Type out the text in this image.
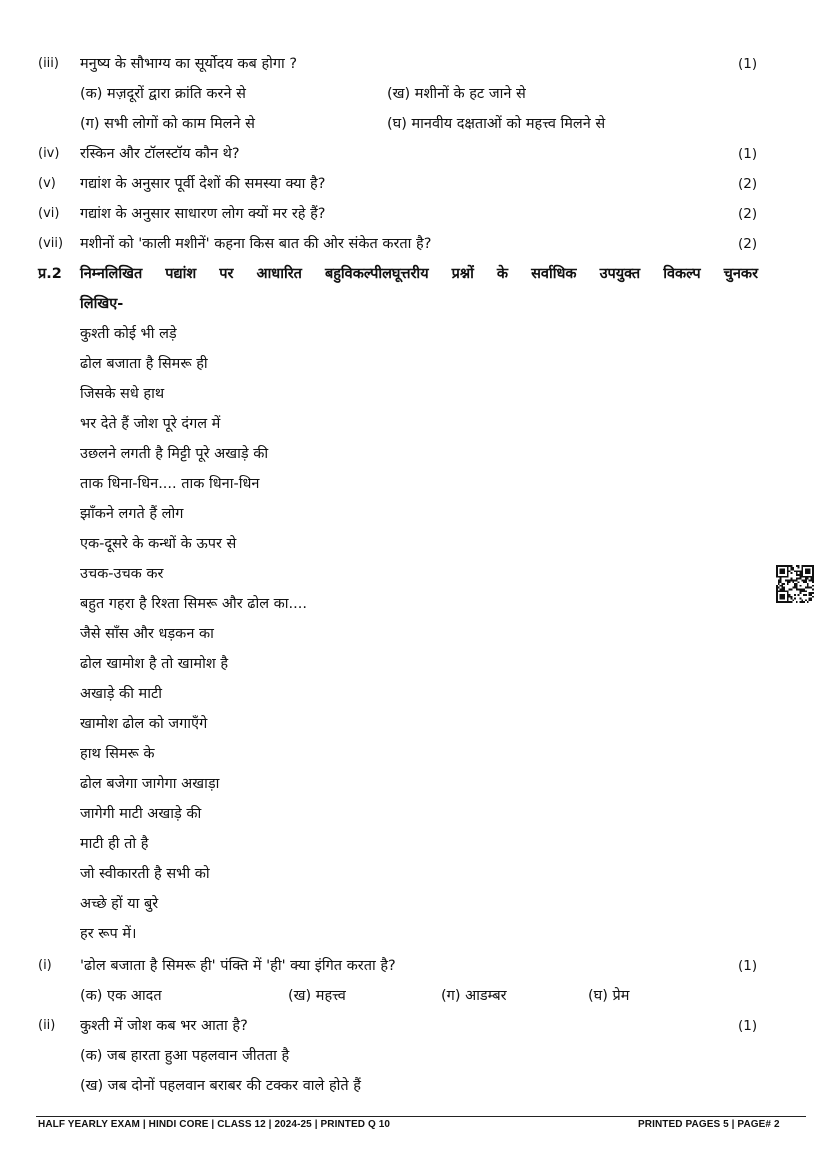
(iii) मनुष्य के सौभाग्य का सूर्योदय कब होगा ?	(1)
(क) मज़दूरों द्वारा क्रांति करने से	(ख) मशीनों के हट जाने से
(ग) सभी लोगों को काम मिलने से	(घ) मानवीय दक्षताओं को महत्त्व मिलने से
(iv) रस्किन और टॉलस्टॉय कौन थे?	(1)
(v) गद्यांश के अनुसार पूर्वी देशों की समस्या क्या है?	(2)
(vi) गद्यांश के अनुसार साधारण लोग क्यों मर रहे हैं?	(2)
(vii) मशीनों को 'काली मशीनें' कहना किस बात की ओर संकेत करता है?	(2)
प्र.2 निम्नलिखित पद्यांश पर आधारित बहुविकल्पीलघूत्तरीय प्रश्नों के सर्वाधिक उपयुक्त विकल्प चुनकर
लिखिए-
कुश्ती कोई भी लड़े
ढोल बजाता है सिमरू ही
जिसके सधे हाथ
भर देते हैं जोश पूरे दंगल में
उछलने लगती है मिट्टी पूरे अखाड़े की
ताक धिना-धिन.... ताक धिना-धिन
झाँकने लगते हैं लोग
एक-दूसरे के कन्धों के ऊपर से
उचक-उचक कर
बहुत गहरा है रिश्ता सिमरू और ढोल का....
जैसे साँस और धड़कन का
ढोल खामोश है तो खामोश है
अखाड़े की माटी
खामोश ढोल को जगाएँगे
हाथ सिमरू के
ढोल बजेगा जागेगा अखाड़ा
जागेगी माटी अखाड़े की
माटी ही तो है
जो स्वीकारती है सभी को
अच्छे हों या बुरे
हर रूप में।
(i) 'ढोल बजाता है सिमरू ही' पंक्ति में 'ही' क्या इंगित करता है?	(1)
(क) एक आदत	(ख) महत्त्व	(ग) आडम्बर	(घ) प्रेम
(ii) कुश्ती में जोश कब भर आता है?	(1)
(क) जब हारता हुआ पहलवान जीतता है
(ख) जब दोनों पहलवान बराबर की टक्कर वाले होते हैं
HALF YEARLY EXAM | HINDI CORE | CLASS 12 | 2024-25 | PRINTED Q 10	PRINTED PAGES 5 | PAGE# 2
